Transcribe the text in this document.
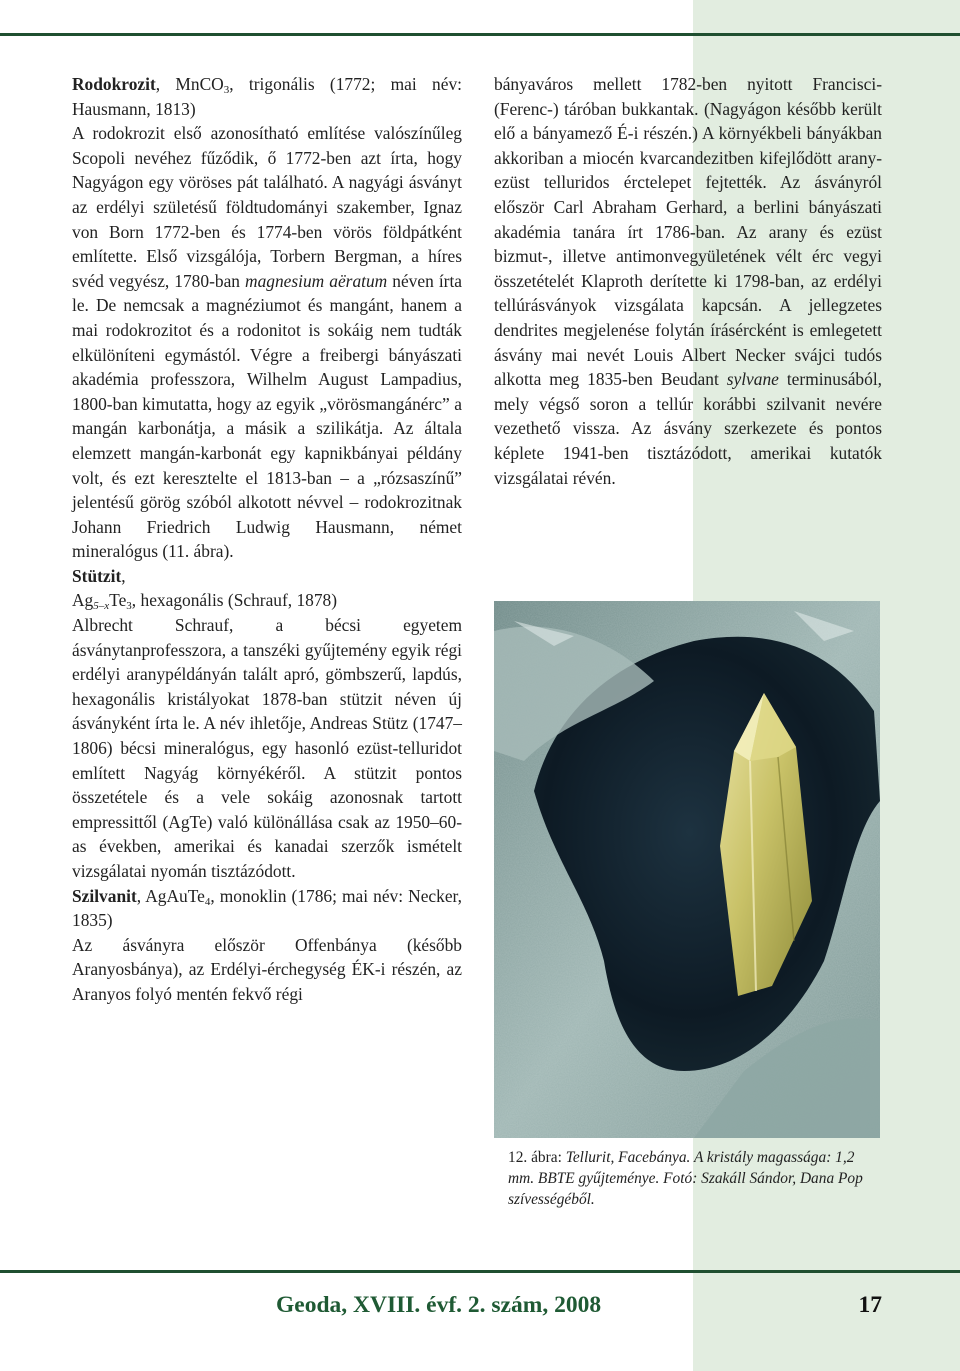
Rodokrozit, MnCO$_3$, trigonális (1772; mai név: Hausmann, 1813)
A rodokrozit első azonosítható említése valószínűleg Scopoli nevéhez fűződik, ő 1772-ben azt írta, hogy Nagyágon egy vöröses pát található. A nagyági ásványt az erdélyi születésű földtudományi szakember, Ignaz von Born 1772-ben és 1774-ben vörös földpátként említette. Első vizsgálója, Torbern Bergman, a híres svéd vegyész, 1780-ban magnesium aëratum néven írta le. De nemcsak a magnéziumot és mangánt, hanem a mai rodokrozitot és a rodonitot is sokáig nem tudták elkülöníteni egymástól. Végre a freibergi bányászati akadémia professzora, Wilhelm August Lampadius, 1800-ban kimutatta, hogy az egyik „vörösmangánérc” a mangán karbonátja, a másik a szilikátja. Az általa elemzett mangán-karbonát egy kapnikbányai példány volt, és ezt keresztelte el 1813-ban – a „rózsaszínű” jelentésű görög szóból alkotott névvel – rodokrozitnak Johann Friedrich Ludwig Hausmann, német mineralógus (11. ábra).

Stützit,
$Ag_{5-x}Te_3$, hexagonális (Schrauf, 1878)
Albrecht Schrauf, a bécsi egyetem ásványtanprofesszora, a tanszéki gyűjtemény egyik régi erdélyi aranypéldányán talált apró, gömbszerű, lapdús, hexagonális kristályokat 1878-ban stützit néven új ásványként írta le. A név ihletője, Andreas Stütz (1747–1806) bécsi mineralógus, egy hasonló ezüst-telluridot említett Nagyág környékéről. A stützit pontos összetétele és a vele sokáig azonosnak tartott empressittől (AgTe) való különállása csak az 1950–60-as években, amerikai és kanadai szerzők ismételt vizsgálatai nyomán tisztázódott.

Szilvanit, AgAuTe$_4$, monoklin (1786; mai név: Necker, 1835)
Az ásványra először Offenbánya (később Aranyosbánya), az Erdélyi-érchegység ÉK-i részén, az Aranyos folyó mentén fekvő régi

bányaváros mellett 1782-ben nyitott Francisci- (Ferenc-) táróban bukkantak. (Nagyágon később került elő a bányamező É-i részén.) A környékbeli bányákban akkoriban a miocén kvarcandezitben kifejlődött arany-ezüst telluridos érctelepet fejtették. Az ásványról először Carl Abraham Gerhard, a berlini bányászati akadémia tanára írt 1786-ban. Az arany és ezüst bizmut-, illetve antimonvegyületének vélt érc vegyi összetételét Klaproth derítette ki 1798-ban, az erdélyi tellúrásványok vizsgálata kapcsán. A jellegzetes dendrites megjelenése folytán írásércként is emlegetett ásvány mai nevét Louis Albert Necker svájci tudós alkotta meg 1835-ben Beudant sylvane terminusából, mely végső soron a tellúr korábbi szilvanit nevére vezethető vissza. Az ásvány szerkezete és pontos képlete 1941-ben tisztázódott, amerikai kutatók vizsgálatai révén.

12. ábra: Tellurit, Facebánya. A kristály magassága: 1,2 mm. BBTE gyűjteménye. Fotó: Szakáll Sándor, Dana Pop szívességéből.
Geoda, XVIII. évf. 2. szám, 2008	17
